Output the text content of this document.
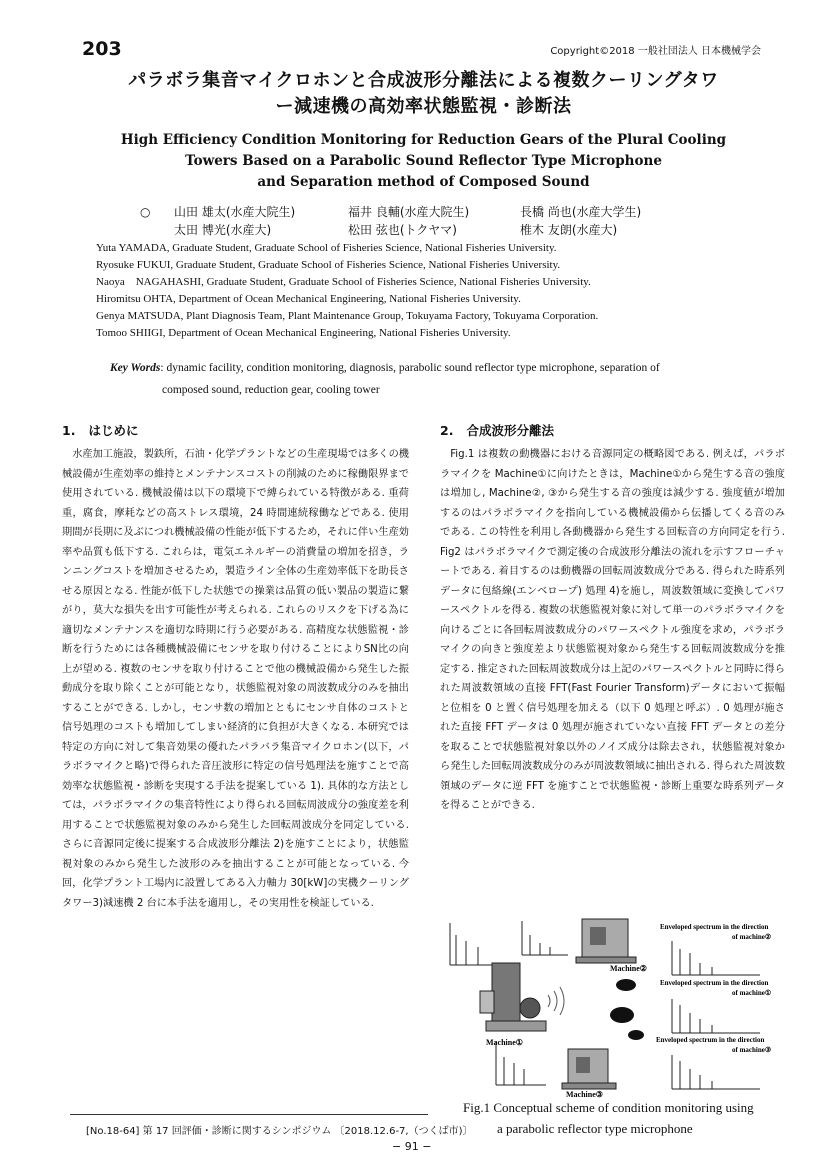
203	Copyright©2018 一般社団法人 日本機械学会
パラボラ集音マイクロホンと合成波形分離法による複数クーリングタワ
ー減速機の高効率状態監視・診断法
High Efficiency Condition Monitoring for Reduction Gears of the Plural Cooling
Towers Based on a Parabolic Sound Reflector Type Microphone
and Separation method of Composed Sound
○ 山田 雄太(水産大院生)	福井 良輔(水産大院生)	長橋 尚也(水産大学生)
太田 博光(水産大)	松田 弦也(トクヤマ)	椎木 友朗(水産大)
Yuta YAMADA, Graduate Student, Graduate School of Fisheries Science, National Fisheries University.
Ryosuke FUKUI, Graduate Student, Graduate School of Fisheries Science, National Fisheries University.
Naoya    NAGAHASHI, Graduate Student, Graduate School of Fisheries Science, National Fisheries University.
Hiromitsu OHTA, Department of Ocean Mechanical Engineering, National Fisheries University.
Genya MATSUDA, Plant Diagnosis Team, Plant Maintenance Group, Tokuyama Factory, Tokuyama Corporation.
Tomoo SHIIGI, Department of Ocean Mechanical Engineering, National Fisheries University.
Key Words: dynamic facility, condition monitoring, diagnosis, parabolic sound reflector type microphone, separation of
composed sound, reduction gear, cooling tower
1.   はじめに

水産加工施設，製鉄所，石油・化学プラントなどの生産現場では多くの機械設備が生産効率の維持とメンテナンスコストの削減のために稼働限界まで使用されている. 機械設備は以下の環境下で縛られている特徴がある. 重荷重，腐食，摩耗などの高ストレス環境，24 時間連続稼働などである. 使用期間が長期に及ぶにつれ機械設備の性能が低下するため，それに伴い生産効率や品質も低下する. これらは，電気エネルギーの消費量の増加を招き，ランニングコストを増加させるため，製造ライン全体の生産効率低下を助長させる原因となる. 性能が低下した状態での操業は品質の低い製品の製造に繋がり，莫大な損失を出す可能性が考えられる. これらのリスクを下げる為に適切なメンテナンスを適切な時期に行う必要がある. 高精度な状態監視・診断を行うためには各種機械設備にセンサを取り付けることによりSN比の向上が望める. 複数のセンサを取り付けることで他の機械設備から発生した振動成分を取り除くことが可能となり，状態監視対象の周波数成分のみを抽出することができる. しかし，センサ数の増加とともにセンサ自体のコストと信号処理のコストも増加してしまい経済的に負担が大きくなる. 本研究では特定の方向に対して集音効果の優れたパラバラ集音マイクロホン(以下，パラボラマイクと略)で得られた音圧波形に特定の信号処理法を施すことで高効率な状態監視・診断を実現する手法を提案している 1). 具体的な方法としては，パラボラマイクの集音特性により得られる回転周波成分の強度差を利用することで状態監視対象のみから発生した回転周波成分を同定している. さらに音源同定後に提案する合成波形分離法 2)を施すことにより，状態監視対象のみから発生した波形のみを抽出することが可能となっている. 今回，化学プラント工場内に設置してある入力軸力 30[kW]の実機クーリングタワー3)減速機 2 台に本手法を適用し，その実用性を検証している.

2.   合成波形分離法

Fig.1 は複数の動機器における音源同定の概略図である. 例えば，パラボラマイクを Machine①に向けたときは，Machine①から発生する音の強度は増加し, Machine②, ③から発生する音の強度は減少する. 強度値が増加するのはパラボラマイクを指向している機械設備から伝播してくる音のみである. この特性を利用し各動機器から発生する回転音の方向同定を行う. Fig2 はパラボラマイクで測定後の合成波形分離法の流れを示すフローチャートである. 着目するのは動機器の回転周波数成分である. 得られた時系列データに包絡線(エンベロープ) 処理 4)を施し，周波数領域に変換してパワースペクトルを得る. 複数の状態監視対象に対して単一のパラボラマイクを向けるごとに各回転周波数成分のパワースペクトル強度を求め，パラボラマイクの向きと強度差より状態監視対象から発生する回転周波数成分を推定する. 推定された回転周波数成分は上記のパワースペクトルと同時に得られた周波数領域の直接 FFT(Fast Fourier Transform)データにおいて振幅と位相を 0 と置く信号処理を加える（以下 0 処理と呼ぶ）. 0 処理が施された直接 FFT データは 0 処理が施されていない直接 FFT データとの差分を取ることで状態監視対象以外のノイズ成分は除去され，状態監視対象から発生した回転周波数成分のみが周波数領域に抽出される. 得られた周波数領域のデータに逆 FFT を施すことで状態監視・診断上重要な時系列データを得ることができる.

Enveloped spectrum in the direction
of machine②
Enveloped spectrum in the direction
of machine①
Enveloped spectrum in the direction
of machine③
Machine②
Machine①
Machine③
Fig.1 Conceptual scheme of condition monitoring using
a parabolic reflector type microphone
[No.18-64] 第 17 回評価・診断に関するシンポジウム 〔2018.12.6-7,（つくば市)〕
− 91 −
